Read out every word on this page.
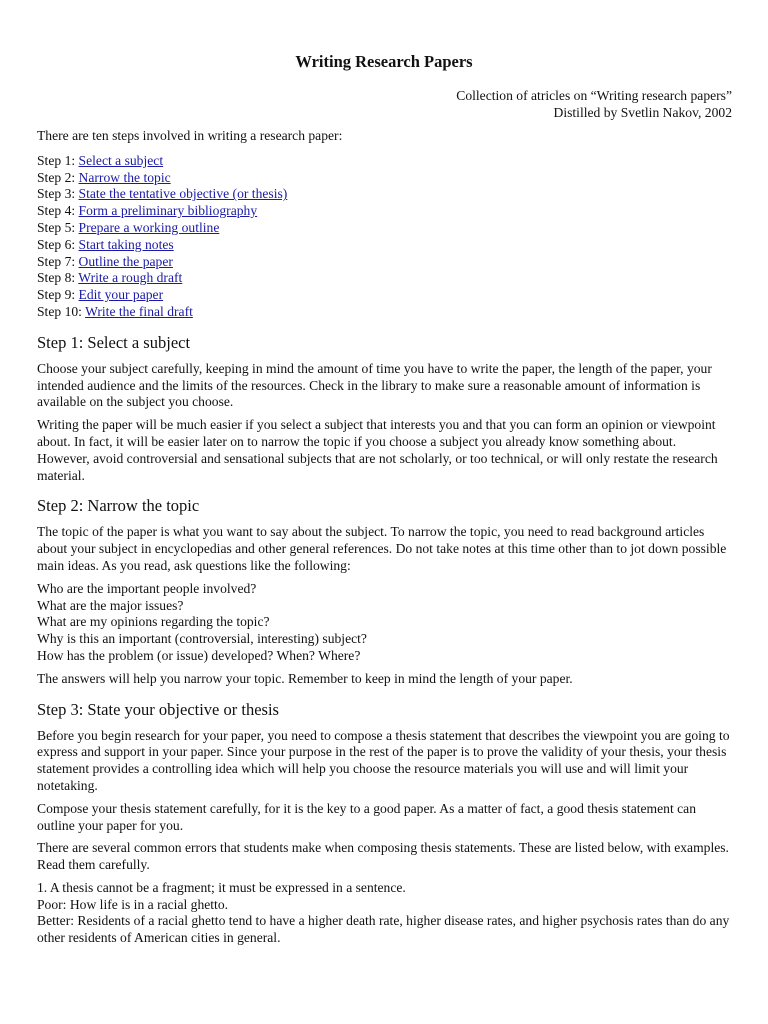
Writing Research Papers
Collection of atricles on “Writing research papers”
Distilled by Svetlin Nakov, 2002

There are ten steps involved in writing a research paper:

Step 1: Select a subject
Step 2: Narrow the topic
Step 3: State the tentative objective (or thesis)
Step 4: Form a preliminary bibliography
Step 5: Prepare a working outline
Step 6: Start taking notes
Step 7: Outline the paper
Step 8: Write a rough draft
Step 9: Edit your paper
Step 10: Write the final draft
Step 1: Select a subject

Choose your subject carefully, keeping in mind the amount of time you have to write the paper, the length of the paper, your intended audience and the limits of the resources. Check in the library to make sure a reasonable amount of information is available on the subject you choose.

Writing the paper will be much easier if you select a subject that interests you and that you can form an opinion or viewpoint about. In fact, it will be easier later on to narrow the topic if you choose a subject you already know something about. However, avoid controversial and sensational subjects that are not scholarly, or too technical, or will only restate the research material.

Step 2: Narrow the topic

The topic of the paper is what you want to say about the subject. To narrow the topic, you need to read background articles about your subject in encyclopedias and other general references. Do not take notes at this time other than to jot down possible main ideas. As you read, ask questions like the following:

Who are the important people involved?
What are the major issues?
What are my opinions regarding the topic?
Why is this an important (controversial, interesting) subject?
How has the problem (or issue) developed? When? Where?

The answers will help you narrow your topic. Remember to keep in mind the length of your paper.

Step 3: State your objective or thesis

Before you begin research for your paper, you need to compose a thesis statement that describes the viewpoint you are going to express and support in your paper. Since your purpose in the rest of the paper is to prove the validity of your thesis, your thesis statement provides a controlling idea which will help you choose the resource materials you will use and will limit your notetaking.

Compose your thesis statement carefully, for it is the key to a good paper. As a matter of fact, a good thesis statement can outline your paper for you.

There are several common errors that students make when composing thesis statements. These are listed below, with examples. Read them carefully.

1. A thesis cannot be a fragment; it must be expressed in a sentence.
Poor: How life is in a racial ghetto.
Better: Residents of a racial ghetto tend to have a higher death rate, higher disease rates, and higher psychosis rates than do any other residents of American cities in general.
